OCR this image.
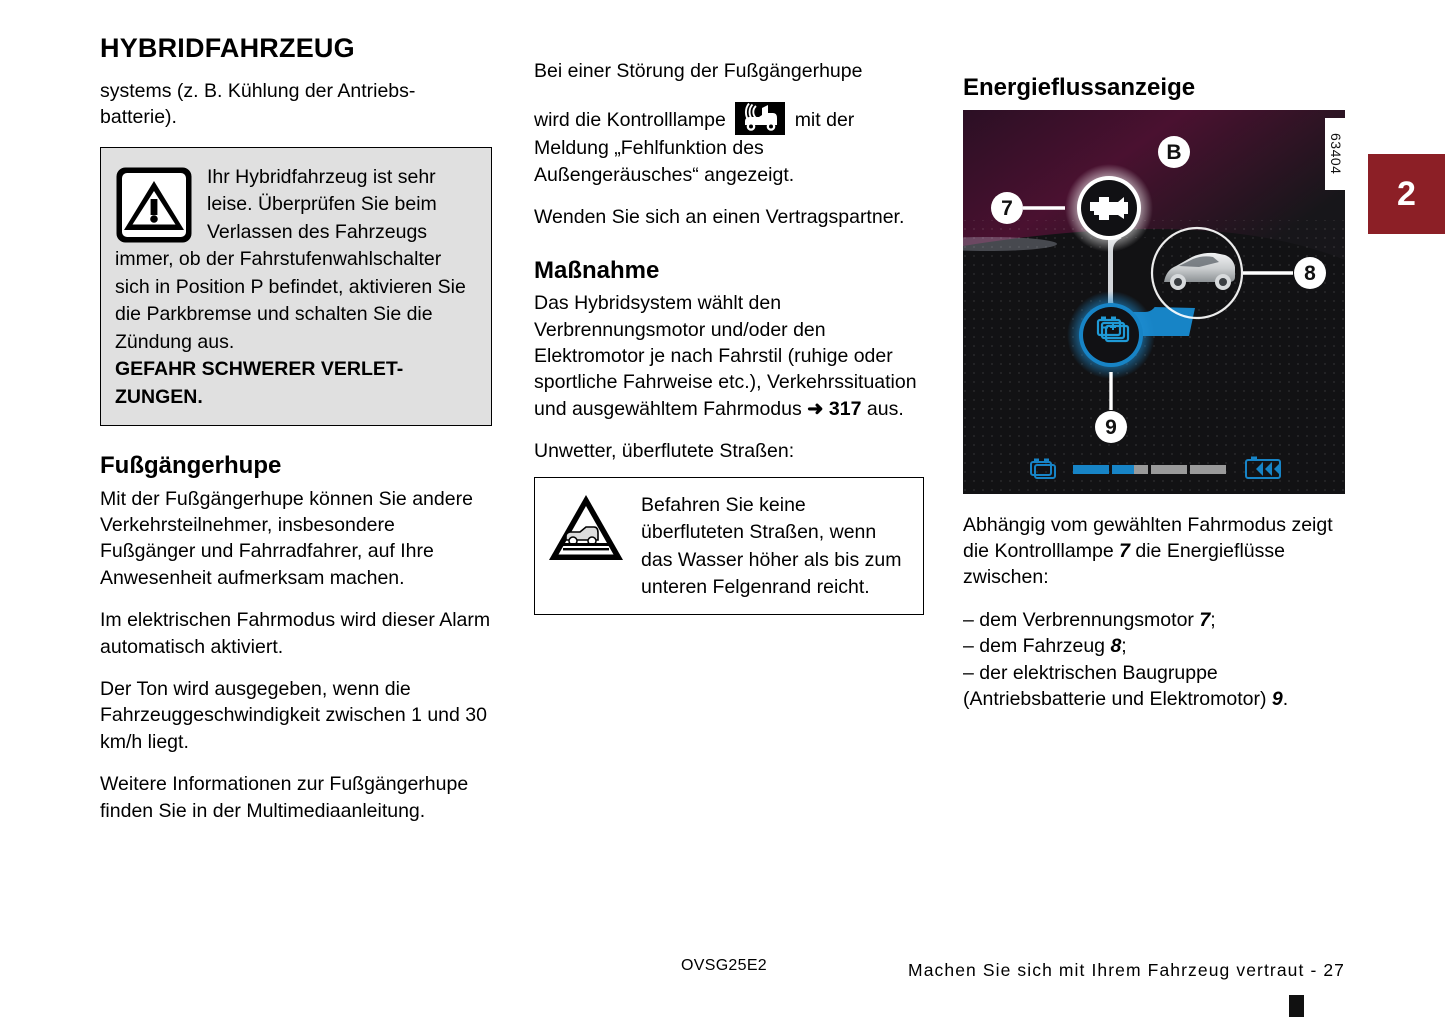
HYBRIDFAHRZEUG

systems (z. B. Kühlung der Antriebs-batterie).

Ihr Hybridfahrzeug ist sehr leise. Überprüfen Sie beim Verlassen des Fahrzeugs immer, ob der Fahrstufenwahlschalter sich in Position P befindet, aktivieren Sie die Parkbremse und schalten Sie die Zündung aus.
GEFAHR SCHWERER VERLET-ZUNGEN.

Fußgängerhupe

Mit der Fußgängerhupe können Sie andere Verkehrsteilnehmer, insbesondere Fußgänger und Fahrradfahrer, auf Ihre Anwesenheit aufmerksam machen.

Im elektrischen Fahrmodus wird dieser Alarm automatisch aktiviert.

Der Ton wird ausgegeben, wenn die Fahrzeuggeschwindigkeit zwischen 1 und 30 km/h liegt.

Weitere Informationen zur Fußgängerhupe finden Sie in der Multimediaanleitung.

Bei einer Störung der Fußgängerhupe

wird die Kontrolllampe	mit der Meldung „Fehlfunktion des Außengeräusches“ angezeigt.

Wenden Sie sich an einen Vertragspartner.

Maßnahme

Das Hybridsystem wählt den Verbrennungsmotor und/oder den Elektromotor je nach Fahrstil (ruhige oder sportliche Fahrweise etc.), Verkehrssituation und ausgewähltem Fahrmodus ➜ 317 aus.

Unwetter, überflutete Straßen:

Befahren Sie keine überfluteten Straßen, wenn das Wasser höher als bis zum unteren Felgenrand reicht.

Energieflussanzeige
7
8
9
B	63404

Abhängig vom gewählten Fahrmodus zeigt die Kontrolllampe 7 die Energieflüsse zwischen:

– dem Verbrennungsmotor 7;

– dem Fahrzeug 8;

– der elektrischen Baugruppe (Antriebsbatterie und Elektromotor) 9.

2
OVSG25E2	Machen Sie sich mit Ihrem Fahrzeug vertraut - 27
